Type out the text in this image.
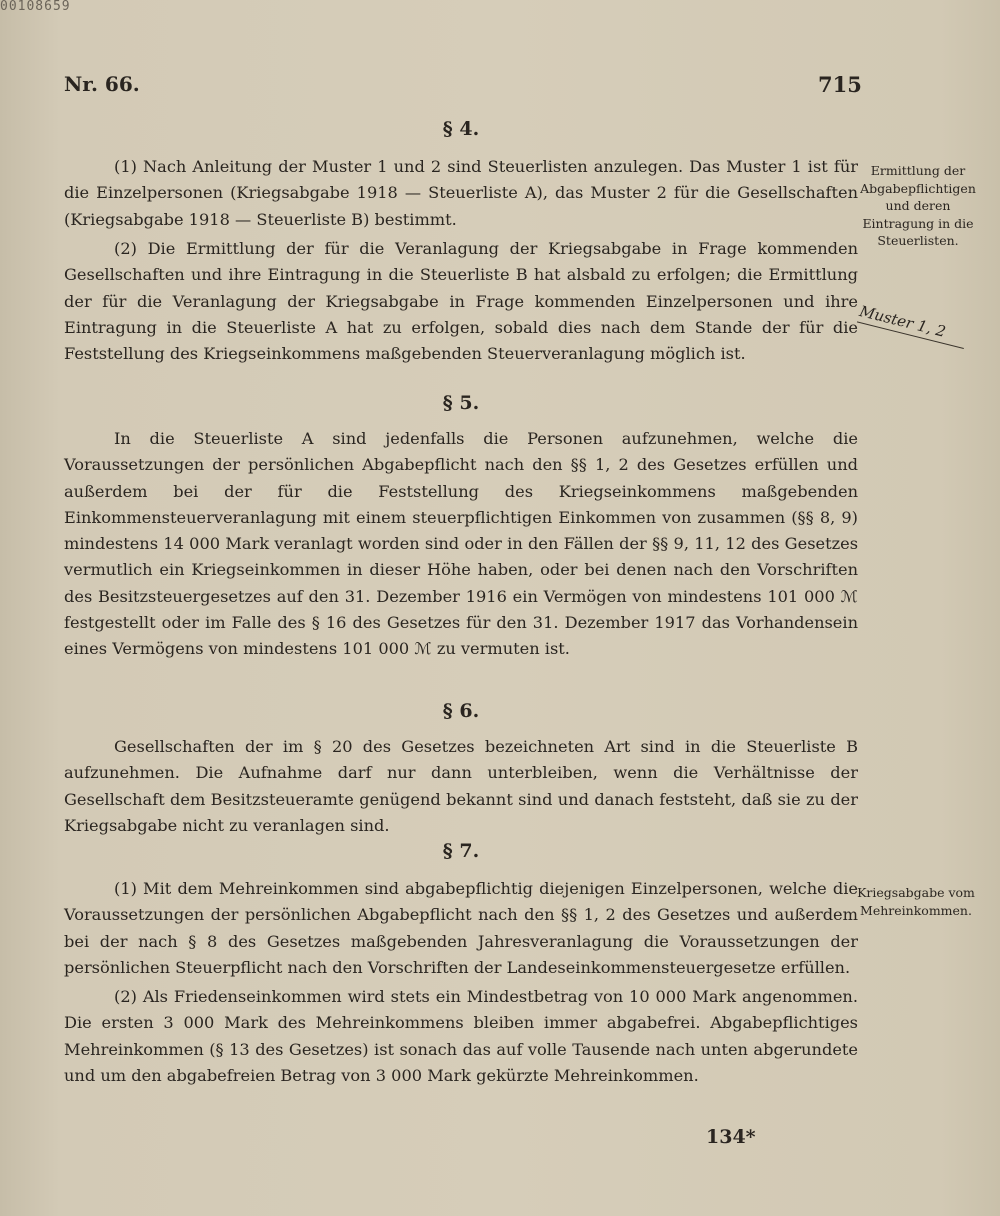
00108659
Nr. 66.	715
§ 4.
(1) Nach Anleitung der Muster 1 und 2 sind Steuerlisten anzulegen. Das Muster 1 ist für die Einzelpersonen (Kriegsabgabe 1918 — Steuerliste A), das Muster 2 für die Gesellschaften (Kriegsabgabe 1918 — Steuerliste B) bestimmt.
(2) Die Ermittlung der für die Veranlagung der Kriegsabgabe in Frage kommenden Gesellschaften und ihre Eintragung in die Steuerliste B hat alsbald zu erfolgen; die Ermittlung der für die Veranlagung der Kriegsabgabe in Frage kommenden Einzelpersonen und ihre Eintragung in die Steuerliste A hat zu erfolgen, sobald dies nach dem Stande der für die Feststellung des Kriegseinkommens maßgebenden Steuerveranlagung möglich ist.
Ermittlung der Abgabepflichtigen und deren Eintragung in die Steuerlisten.
Muster 1, 2
§ 5.
In die Steuerliste A sind jedenfalls die Personen aufzunehmen, welche die Voraussetzungen der persönlichen Abgabepflicht nach den §§ 1, 2 des Gesetzes erfüllen und außerdem bei der für die Feststellung des Kriegseinkommens maßgebenden Einkommensteuerveranlagung mit einem steuerpflichtigen Einkommen von zusammen (§§ 8, 9) mindestens 14 000 Mark veranlagt worden sind oder in den Fällen der §§ 9, 11, 12 des Gesetzes vermutlich ein Kriegseinkommen in dieser Höhe haben, oder bei denen nach den Vorschriften des Besitzsteuergesetzes auf den 31. Dezember 1916 ein Vermögen von mindestens 101 000 ℳ festgestellt oder im Falle des § 16 des Gesetzes für den 31. Dezember 1917 das Vorhandensein eines Vermögens von mindestens 101 000 ℳ zu vermuten ist.
§ 6.
Gesellschaften der im § 20 des Gesetzes bezeichneten Art sind in die Steuerliste B aufzunehmen. Die Aufnahme darf nur dann unterbleiben, wenn die Verhältnisse der Gesellschaft dem Besitzsteueramte genügend bekannt sind und danach feststeht, daß sie zu der Kriegsabgabe nicht zu veranlagen sind.
§ 7.
(1) Mit dem Mehreinkommen sind abgabepflichtig diejenigen Einzelpersonen, welche die Voraussetzungen der persönlichen Abgabepflicht nach den §§ 1, 2 des Gesetzes und außerdem bei der nach § 8 des Gesetzes maßgebenden Jahresveranlagung die Voraussetzungen der persönlichen Steuerpflicht nach den Vorschriften der Landeseinkommensteuergesetze erfüllen.
(2) Als Friedenseinkommen wird stets ein Mindestbetrag von 10 000 Mark angenommen. Die ersten 3 000 Mark des Mehreinkommens bleiben immer abgabefrei. Abgabepflichtiges Mehreinkommen (§ 13 des Gesetzes) ist sonach das auf volle Tausende nach unten abgerundete und um den abgabefreien Betrag von 3 000 Mark gekürzte Mehreinkommen.
Kriegsabgabe vom Mehreinkommen.
134*
